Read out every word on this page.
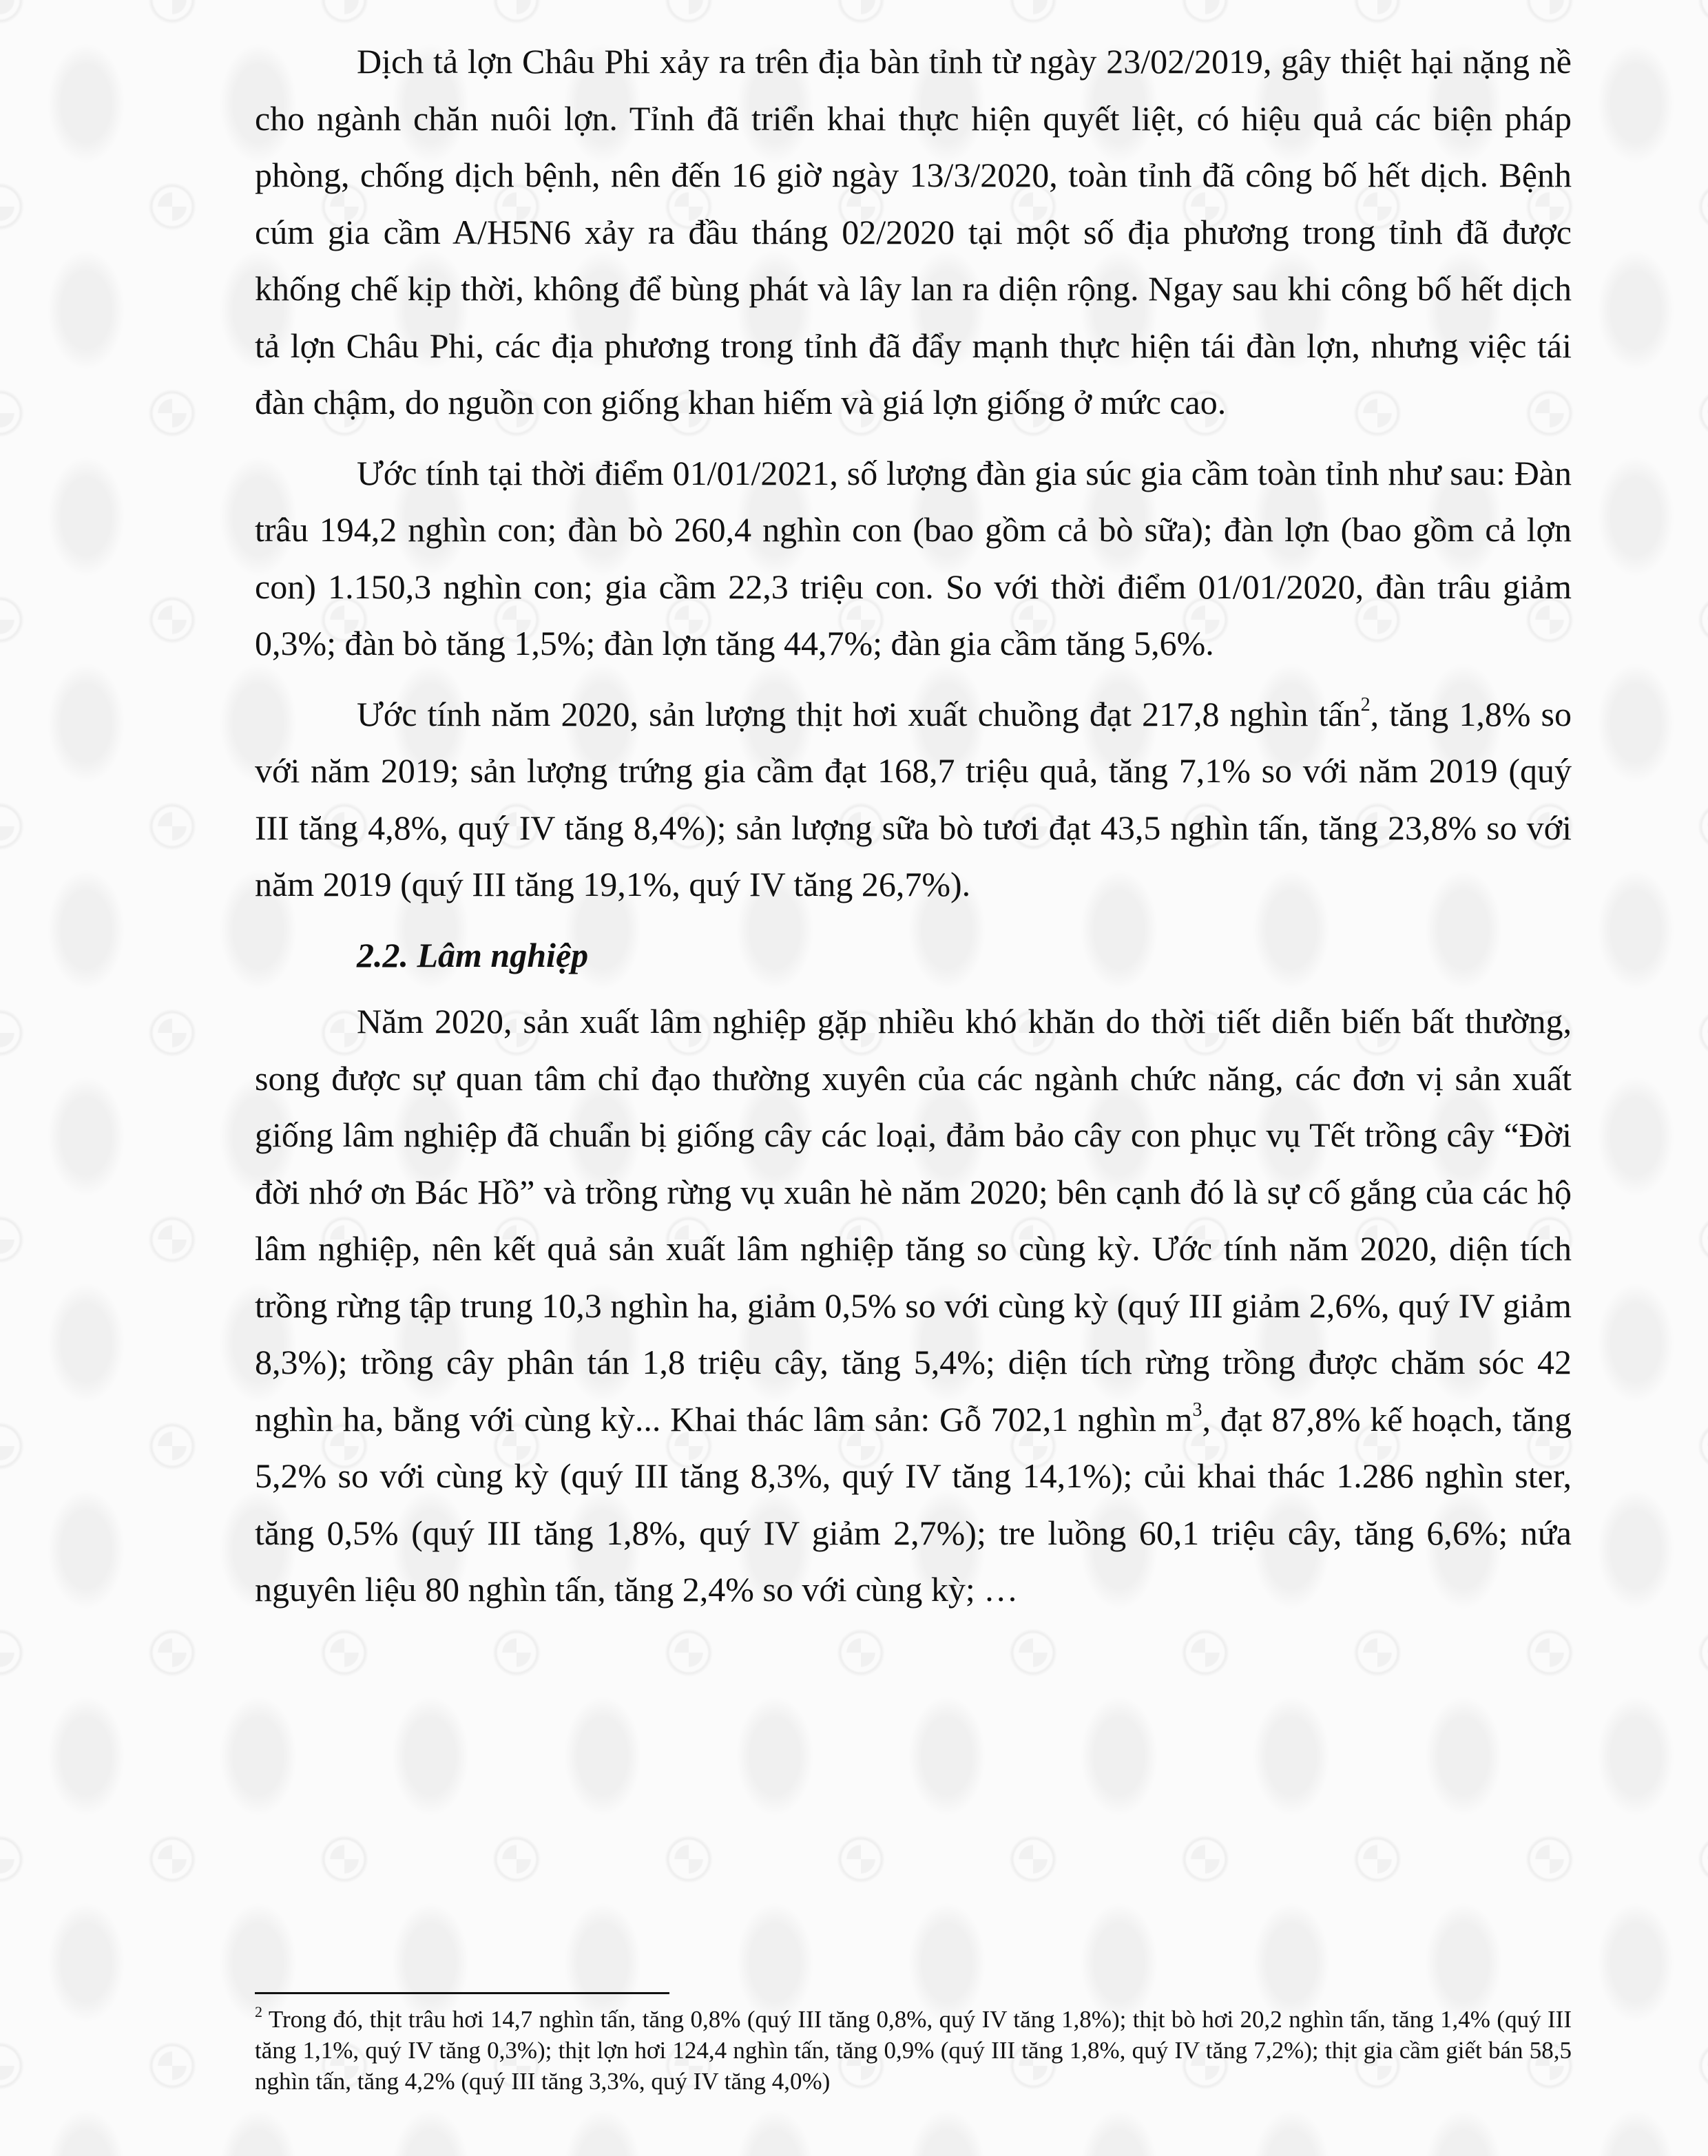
Dịch tả lợn Châu Phi xảy ra trên địa bàn tỉnh từ ngày 23/02/2019, gây thiệt hại nặng nề cho ngành chăn nuôi lợn. Tỉnh đã triển khai thực hiện quyết liệt, có hiệu quả các biện pháp phòng, chống dịch bệnh, nên đến 16 giờ ngày 13/3/2020, toàn tỉnh đã công bố hết dịch. Bệnh cúm gia cầm A/H5N6 xảy ra đầu tháng 02/2020 tại một số địa phương trong tỉnh đã được khống chế kịp thời, không để bùng phát và lây lan ra diện rộng. Ngay sau khi công bố hết dịch tả lợn Châu Phi, các địa phương trong tỉnh đã đẩy mạnh thực hiện tái đàn lợn, nhưng việc tái đàn chậm, do nguồn con giống khan hiếm và giá lợn giống ở mức cao.

Ước tính tại thời điểm 01/01/2021, số lượng đàn gia súc gia cầm toàn tỉnh như sau: Đàn trâu 194,2 nghìn con; đàn bò 260,4 nghìn con (bao gồm cả bò sữa); đàn lợn (bao gồm cả lợn con) 1.150,3 nghìn con; gia cầm 22,3 triệu con. So với thời điểm 01/01/2020, đàn trâu giảm 0,3%; đàn bò tăng 1,5%; đàn lợn tăng 44,7%; đàn gia cầm tăng 5,6%.

Ước tính năm 2020, sản lượng thịt hơi xuất chuồng đạt 217,8 nghìn tấn$^2$, tăng 1,8% so với năm 2019; sản lượng trứng gia cầm đạt 168,7 triệu quả, tăng 7,1% so với năm 2019 (quý III tăng 4,8%, quý IV tăng 8,4%); sản lượng sữa bò tươi đạt 43,5 nghìn tấn, tăng 23,8% so với năm 2019 (quý III tăng 19,1%, quý IV tăng 26,7%).

2.2. Lâm nghiệp

Năm 2020, sản xuất lâm nghiệp gặp nhiều khó khăn do thời tiết diễn biến bất thường, song được sự quan tâm chỉ đạo thường xuyên của các ngành chức năng, các đơn vị sản xuất giống lâm nghiệp đã chuẩn bị giống cây các loại, đảm bảo cây con phục vụ Tết trồng cây “Đời đời nhớ ơn Bác Hồ” và trồng rừng vụ xuân hè năm 2020; bên cạnh đó là sự cố gắng của các hộ lâm nghiệp, nên kết quả sản xuất lâm nghiệp tăng so cùng kỳ. Ước tính năm 2020, diện tích trồng rừng tập trung 10,3 nghìn ha, giảm 0,5% so với cùng kỳ (quý III giảm 2,6%, quý IV giảm 8,3%); trồng cây phân tán 1,8 triệu cây, tăng 5,4%; diện tích rừng trồng được chăm sóc 42 nghìn ha, bằng với cùng kỳ... Khai thác lâm sản: Gỗ 702,1 nghìn $m^3$, đạt 87,8% kế hoạch, tăng 5,2% so với cùng kỳ (quý III tăng 8,3%, quý IV tăng 14,1%); củi khai thác 1.286 nghìn ster, tăng 0,5% (quý III tăng 1,8%, quý IV giảm 2,7%); tre luồng 60,1 triệu cây, tăng 6,6%; nứa nguyên liệu 80 nghìn tấn, tăng 2,4% so với cùng kỳ; …

$^2$ Trong đó, thịt trâu hơi 14,7 nghìn tấn, tăng 0,8% (quý III tăng 0,8%, quý IV tăng 1,8%); thịt bò hơi 20,2 nghìn tấn, tăng 1,4% (quý III tăng 1,1%, quý IV tăng 0,3%); thịt lợn hơi 124,4 nghìn tấn, tăng 0,9% (quý III tăng 1,8%, quý IV tăng 7,2%); thịt gia cầm giết bán 58,5 nghìn tấn, tăng 4,2% (quý III tăng 3,3%, quý IV tăng 4,0%)
